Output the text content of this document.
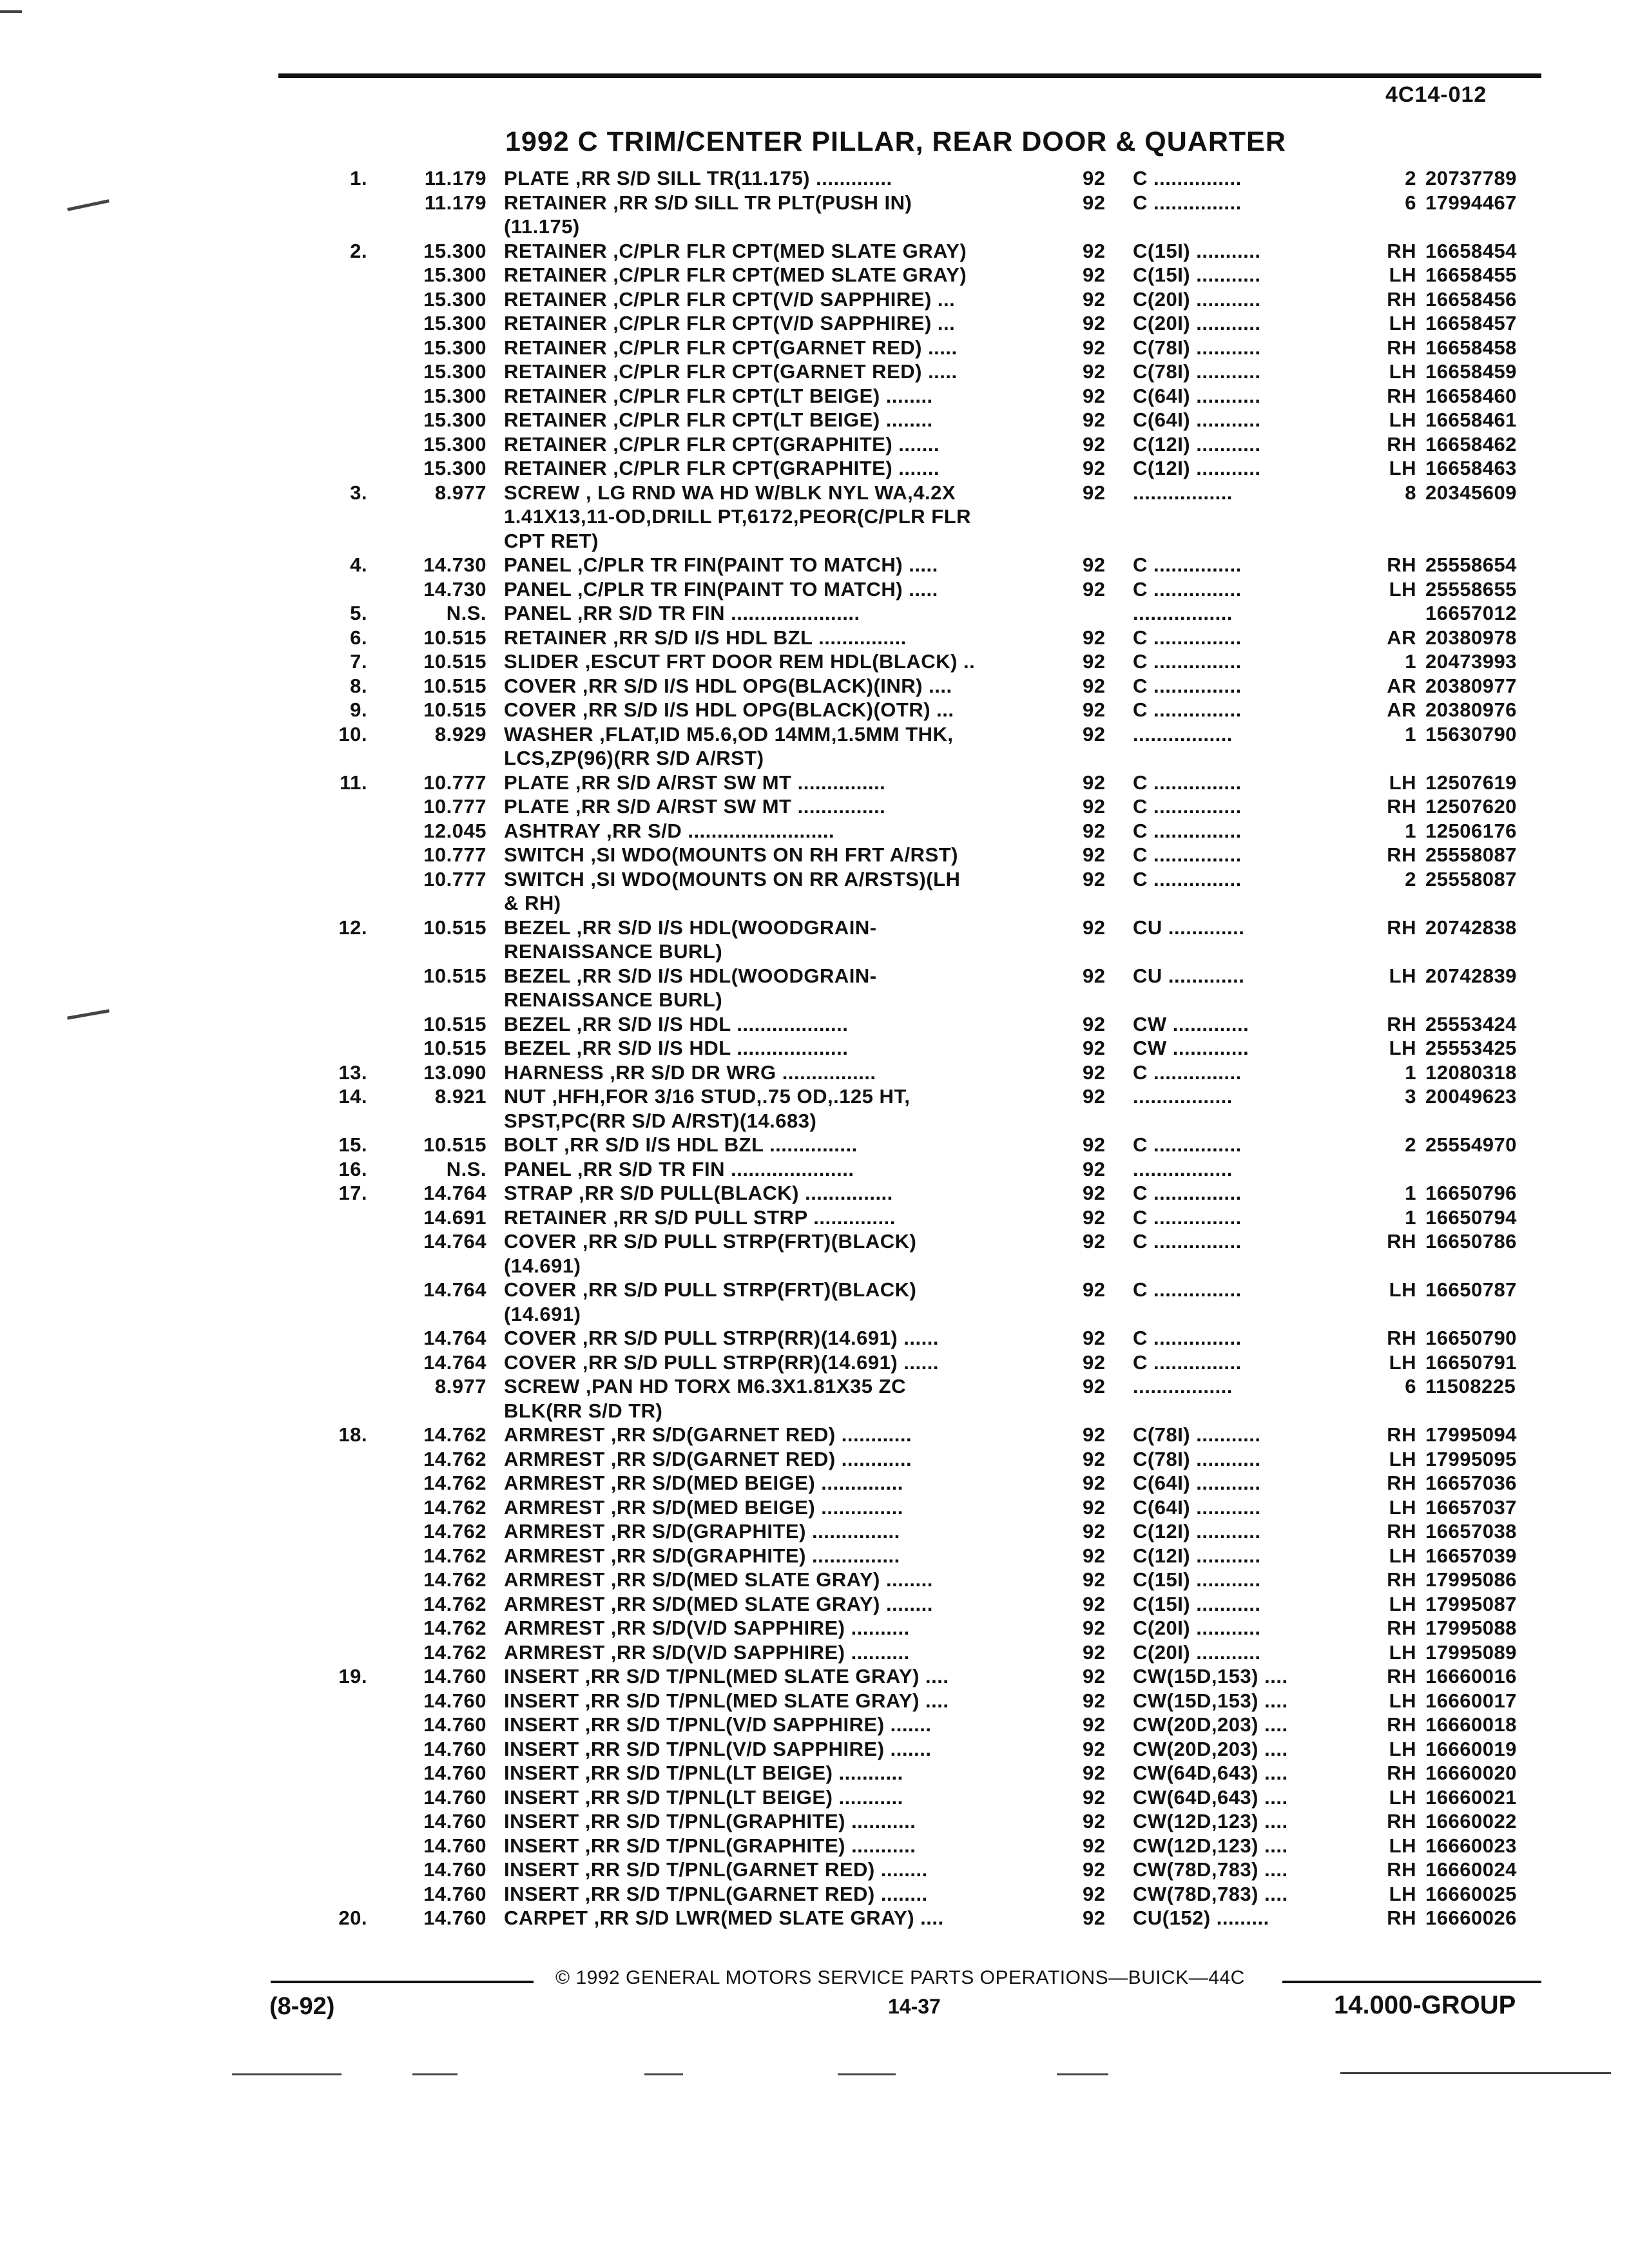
4C14-012
1992 C TRIM/CENTER PILLAR, REAR DOOR & QUARTER
1.	11.179 PLATE ,RR S/D SILL TR(11.175) .............	92 C ...............	2 20737789
11.179 RETAINER ,RR S/D SILL TR PLT(PUSH IN)	92 C ...............	6 17994467
(11.175)
2.	15.300 RETAINER ,C/PLR FLR CPT(MED SLATE GRAY)	92 C(15I) ...........	RH 16658454
15.300 RETAINER ,C/PLR FLR CPT(MED SLATE GRAY)	92 C(15I) ...........	LH 16658455
15.300 RETAINER ,C/PLR FLR CPT(V/D SAPPHIRE) ...	92 C(20I) ...........	RH 16658456
15.300 RETAINER ,C/PLR FLR CPT(V/D SAPPHIRE) ...	92 C(20I) ...........	LH 16658457
15.300 RETAINER ,C/PLR FLR CPT(GARNET RED) .....	92 C(78I) ...........	RH 16658458
15.300 RETAINER ,C/PLR FLR CPT(GARNET RED) .....	92 C(78I) ...........	LH 16658459
15.300 RETAINER ,C/PLR FLR CPT(LT BEIGE) ........	92 C(64I) ...........	RH 16658460
15.300 RETAINER ,C/PLR FLR CPT(LT BEIGE) ........	92 C(64I) ...........	LH 16658461
15.300 RETAINER ,C/PLR FLR CPT(GRAPHITE) .......	92 C(12I) ...........	RH 16658462
15.300 RETAINER ,C/PLR FLR CPT(GRAPHITE) .......	92 C(12I) ...........	LH 16658463
3.	8.977 SCREW , LG RND WA HD W/BLK NYL WA,4.2X	92 .................	8 20345609
1.41X13,11-OD,DRILL PT,6172,PEOR(C/PLR FLR
CPT RET)
4.	14.730 PANEL ,C/PLR TR FIN(PAINT TO MATCH) .....	92 C ...............	RH 25558654
14.730 PANEL ,C/PLR TR FIN(PAINT TO MATCH) .....	92 C ...............	LH 25558655
5.	N.S. PANEL ,RR S/D TR FIN ......................	.................	16657012
6.	10.515 RETAINER ,RR S/D I/S HDL BZL ...............	92 C ...............	AR 20380978
7.	10.515 SLIDER ,ESCUT FRT DOOR REM HDL(BLACK) ..	92 C ...............	1 20473993
8.	10.515 COVER ,RR S/D I/S HDL OPG(BLACK)(INR) ....	92 C ...............	AR 20380977
9.	10.515 COVER ,RR S/D I/S HDL OPG(BLACK)(OTR) ...	92 C ...............	AR 20380976
10.	8.929 WASHER ,FLAT,ID M5.6,OD 14MM,1.5MM THK,	92 .................	1 15630790
LCS,ZP(96)(RR S/D A/RST)
11.	10.777 PLATE ,RR S/D A/RST SW MT ...............	92 C ...............	LH 12507619
10.777 PLATE ,RR S/D A/RST SW MT ...............	92 C ...............	RH 12507620
12.045 ASHTRAY ,RR S/D .........................	92 C ...............	1 12506176
10.777 SWITCH ,SI WDO(MOUNTS ON RH FRT A/RST)	92 C ...............	RH 25558087
10.777 SWITCH ,SI WDO(MOUNTS ON RR A/RSTS)(LH	92 C ...............	2 25558087
& RH)
12.	10.515 BEZEL ,RR S/D I/S HDL(WOODGRAIN-	92 CU .............	RH 20742838
RENAISSANCE BURL)
10.515 BEZEL ,RR S/D I/S HDL(WOODGRAIN-	92 CU .............	LH 20742839
RENAISSANCE BURL)
10.515 BEZEL ,RR S/D I/S HDL ...................	92 CW .............	RH 25553424
10.515 BEZEL ,RR S/D I/S HDL ...................	92 CW .............	LH 25553425
13.	13.090 HARNESS ,RR S/D DR WRG ................	92 C ...............	1 12080318
14.	8.921 NUT ,HFH,FOR 3/16 STUD,.75 OD,.125 HT,	92 .................	3 20049623
SPST,PC(RR S/D A/RST)(14.683)
15.	10.515 BOLT ,RR S/D I/S HDL BZL ...............	92 C ...............	2 25554970
16.	N.S. PANEL ,RR S/D TR FIN .....................	92 .................
17.	14.764 STRAP ,RR S/D PULL(BLACK) ...............	92 C ...............	1 16650796
14.691 RETAINER ,RR S/D PULL STRP ..............	92 C ...............	1 16650794
14.764 COVER ,RR S/D PULL STRP(FRT)(BLACK)	92 C ...............	RH 16650786
(14.691)
14.764 COVER ,RR S/D PULL STRP(FRT)(BLACK)	92 C ...............	LH 16650787
(14.691)
14.764 COVER ,RR S/D PULL STRP(RR)(14.691) ......	92 C ...............	RH 16650790
14.764 COVER ,RR S/D PULL STRP(RR)(14.691) ......	92 C ...............	LH 16650791
8.977 SCREW ,PAN HD TORX M6.3X1.81X35 ZC	92 .................	6 11508225
BLK(RR S/D TR)
18.	14.762 ARMREST ,RR S/D(GARNET RED) ............	92 C(78I) ...........	RH 17995094
14.762 ARMREST ,RR S/D(GARNET RED) ............	92 C(78I) ...........	LH 17995095
14.762 ARMREST ,RR S/D(MED BEIGE) ..............	92 C(64I) ...........	RH 16657036
14.762 ARMREST ,RR S/D(MED BEIGE) ..............	92 C(64I) ...........	LH 16657037
14.762 ARMREST ,RR S/D(GRAPHITE) ...............	92 C(12I) ...........	RH 16657038
14.762 ARMREST ,RR S/D(GRAPHITE) ...............	92 C(12I) ...........	LH 16657039
14.762 ARMREST ,RR S/D(MED SLATE GRAY) ........	92 C(15I) ...........	RH 17995086
14.762 ARMREST ,RR S/D(MED SLATE GRAY) ........	92 C(15I) ...........	LH 17995087
14.762 ARMREST ,RR S/D(V/D SAPPHIRE) ..........	92 C(20I) ...........	RH 17995088
14.762 ARMREST ,RR S/D(V/D SAPPHIRE) ..........	92 C(20I) ...........	LH 17995089
19.	14.760 INSERT ,RR S/D T/PNL(MED SLATE GRAY) ....	92 CW(15D,153) ....	RH 16660016
14.760 INSERT ,RR S/D T/PNL(MED SLATE GRAY) ....	92 CW(15D,153) ....	LH 16660017
14.760 INSERT ,RR S/D T/PNL(V/D SAPPHIRE) .......	92 CW(20D,203) ....	RH 16660018
14.760 INSERT ,RR S/D T/PNL(V/D SAPPHIRE) .......	92 CW(20D,203) ....	LH 16660019
14.760 INSERT ,RR S/D T/PNL(LT BEIGE) ...........	92 CW(64D,643) ....	RH 16660020
14.760 INSERT ,RR S/D T/PNL(LT BEIGE) ...........	92 CW(64D,643) ....	LH 16660021
14.760 INSERT ,RR S/D T/PNL(GRAPHITE) ...........	92 CW(12D,123) ....	RH 16660022
14.760 INSERT ,RR S/D T/PNL(GRAPHITE) ...........	92 CW(12D,123) ....	LH 16660023
14.760 INSERT ,RR S/D T/PNL(GARNET RED) ........	92 CW(78D,783) ....	RH 16660024
14.760 INSERT ,RR S/D T/PNL(GARNET RED) ........	92 CW(78D,783) ....	LH 16660025
20.	14.760 CARPET ,RR S/D LWR(MED SLATE GRAY) ....	92 CU(152) .........	RH 16660026
© 1992 GENERAL MOTORS SERVICE PARTS OPERATIONS—BUICK—44C
(8-92)	14-37	14.000-GROUP
